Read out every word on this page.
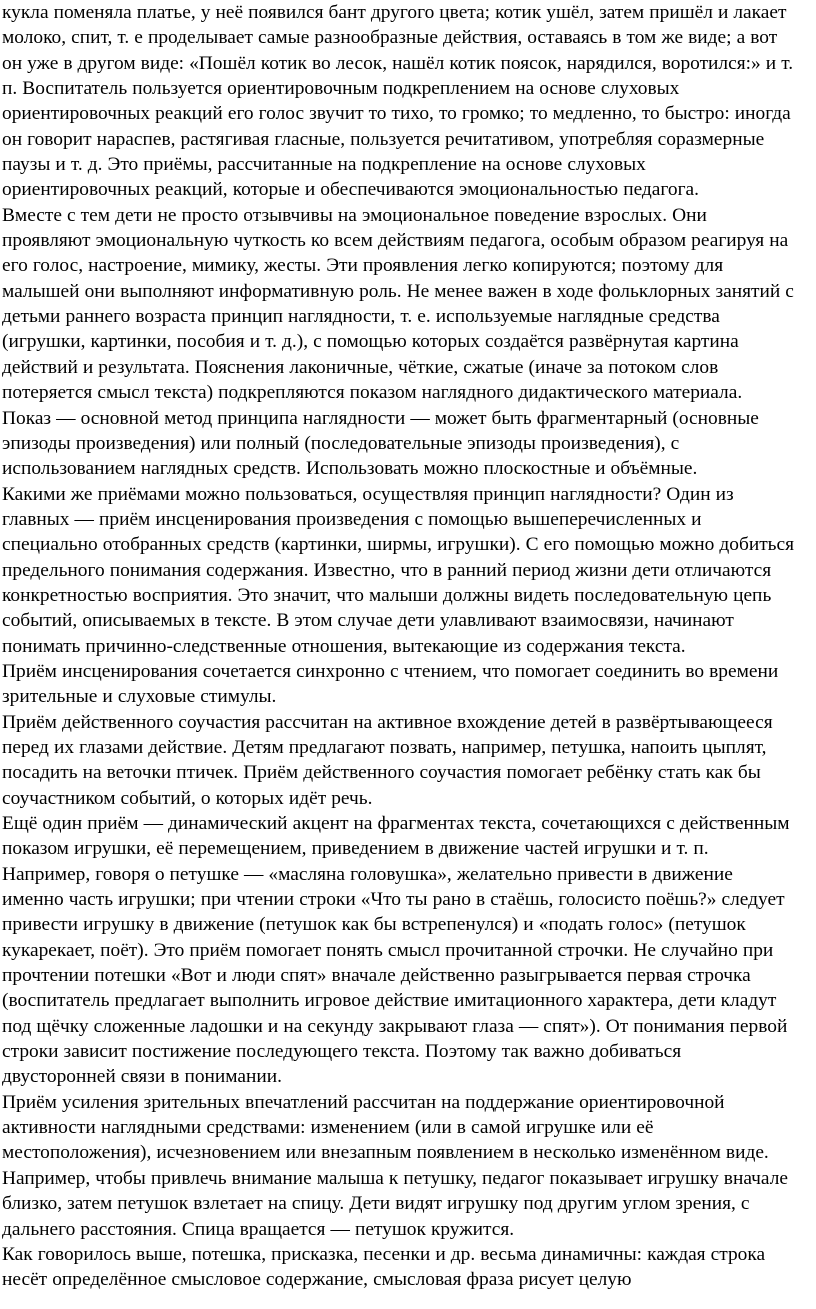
кукла поменяла платье, у неё появился бант другого цвета; котик ушёл, затем пришёл и лакает молоко, спит, т. е проделывает самые разнообразные действия, оставаясь в том же виде; а вот он уже в другом виде: «Пошёл котик во лесок, нашёл котик поясок, нарядился, воротился:» и т. п. Воспитатель пользуется ориентировочным подкреплением на основе слуховых ориентировочных реакций его голос звучит то тихо, то громко; то медленно, то быстро: иногда он говорит нараспев, растягивая гласные, пользуется речитативом, употребляя соразмерные паузы и т. д. Это приёмы, рассчитанные на подкрепление на основе слуховых ориентировочных реакций, которые и обеспечиваются эмоциональностью педагога.

Вместе с тем дети не просто отзывчивы на эмоциональное поведение взрослых. Они проявляют эмоциональную чуткость ко всем действиям педагога, особым образом реагируя на его голос, настроение, мимику, жесты. Эти проявления легко копируются; поэтому для малышей они выполняют информативную роль. Не менее важен в ходе фольклорных занятий с детьми раннего возраста принцип наглядности, т. е. используемые наглядные средства (игрушки, картинки, пособия и т. д.), с помощью которых создаётся развёрнутая картина действий и результата. Пояснения лаконичные, чёткие, сжатые (иначе за потоком слов потеряется смысл текста) подкрепляются показом наглядного дидактического материала. Показ — основной метод принципа наглядности — может быть фрагментарный (основные эпизоды произведения) или полный (последовательные эпизоды произведения), с использованием наглядных средств. Использовать можно плоскостные и объёмные.

Какими же приёмами можно пользоваться, осуществляя принцип наглядности? Один из главных — приём инсценирования произведения с помощью вышеперечисленных и специально отобранных средств (картинки, ширмы, игрушки). С его помощью можно добиться предельного понимания содержания. Известно, что в ранний период жизни дети отличаются конкретностью восприятия. Это значит, что малыши должны видеть последовательную цепь событий, описываемых в тексте. В этом случае дети улавливают взаимосвязи, начинают понимать причинно-следственные отношения, вытекающие из содержания текста.

Приём инсценирования сочетается синхронно с чтением, что помогает соединить во времени зрительные и слуховые стимулы.

Приём действенного соучастия рассчитан на активное вхождение детей в развёртывающееся перед их глазами действие. Детям предлагают позвать, например, петушка, напоить цыплят, посадить на веточки птичек. Приём действенного соучастия помогает ребёнку стать как бы соучастником событий, о которых идёт речь.

Ещё один приём — динамический акцент на фрагментах текста, сочетающихся с действенным показом игрушки, её перемещением, приведением в движение частей игрушки и т. п. Например, говоря о петушке — «масляна головушка», желательно привести в движение именно часть игрушки; при чтении строки «Что ты рано в стаёшь, голосисто поёшь?» следует привести игрушку в движение (петушок как бы встрепенулся) и «подать голос» (петушок кукарекает, поёт). Это приём помогает понять смысл прочитанной строчки. Не случайно при прочтении потешки «Вот и люди спят» вначале действенно разыгрывается первая строчка (воспитатель предлагает выполнить игровое действие имитационного характера, дети кладут под щёчку сложенные ладошки и на секунду закрывают глаза — спят»). От понимания первой строки зависит постижение последующего текста. Поэтому так важно добиваться двусторонней связи в понимании.

Приём усиления зрительных впечатлений рассчитан на поддержание ориентировочной активности наглядными средствами: изменением (или в самой игрушке или её местоположения), исчезновением или внезапным появлением в несколько изменённом виде. Например, чтобы привлечь внимание малыша к петушку, педагог показывает игрушку вначале близко, затем петушок взлетает на спицу. Дети видят игрушку под другим углом зрения, с дальнего расстояния. Спица вращается — петушок кружится.

Как говорилось выше, потешка, присказка, песенки и др. весьма динамичны: каждая строка несёт определённое смысловое содержание, смысловая фраза рисует целую
